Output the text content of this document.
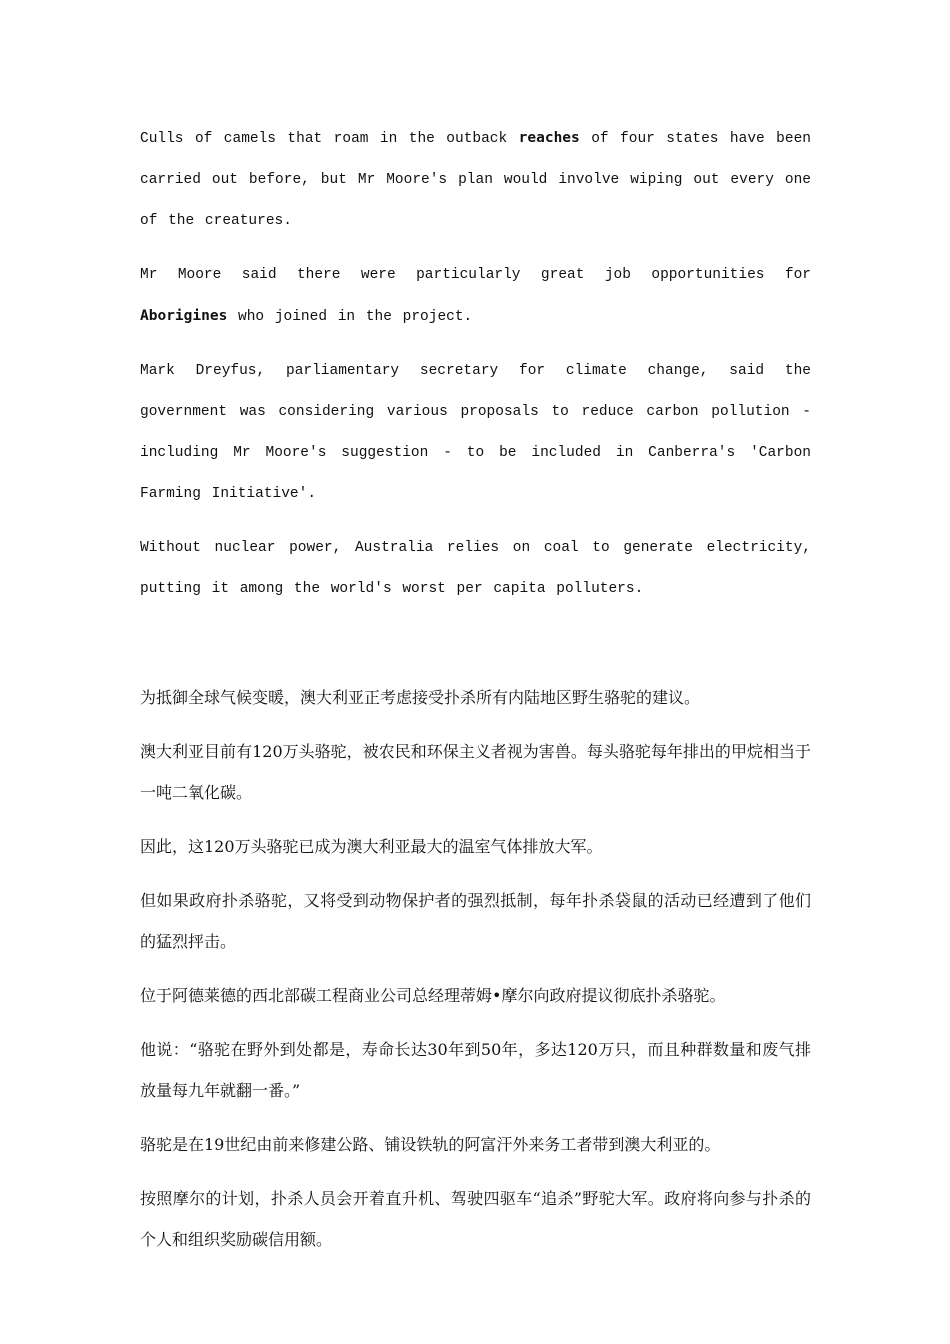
Culls of camels that roam in the outback reaches of four states have been carried out before, but Mr Moore's plan would involve wiping out every one of the creatures.

Mr Moore said there were particularly great job opportunities for Aborigines who joined in the project.

Mark Dreyfus, parliamentary secretary for climate change, said the government was considering various proposals to reduce carbon pollution - including Mr Moore's suggestion - to be included in Canberra's 'Carbon Farming Initiative'.

Without nuclear power, Australia relies on coal to generate electricity, putting it among the world's worst per capita polluters.

为抵御全球气候变暖，澳大利亚正考虑接受扑杀所有内陆地区野生骆驼的建议。

澳大利亚目前有120万头骆驼，被农民和环保主义者视为害兽。每头骆驼每年排出的甲烷相当于一吨二氧化碳。

因此，这120万头骆驼已成为澳大利亚最大的温室气体排放大军。

但如果政府扑杀骆驼，又将受到动物保护者的强烈抵制，每年扑杀袋鼠的活动已经遭到了他们的猛烈抨击。

位于阿德莱德的西北部碳工程商业公司总经理蒂姆•摩尔向政府提议彻底扑杀骆驼。

他说：“骆驼在野外到处都是，寿命长达30年到50年，多达120万只，而且种群数量和废气排放量每九年就翻一番。”

骆驼是在19世纪由前来修建公路、铺设铁轨的阿富汗外来务工者带到澳大利亚的。

按照摩尔的计划，扑杀人员会开着直升机、驾驶四驱车“追杀”野驼大军。政府将向参与扑杀的个人和组织奖励碳信用额。
